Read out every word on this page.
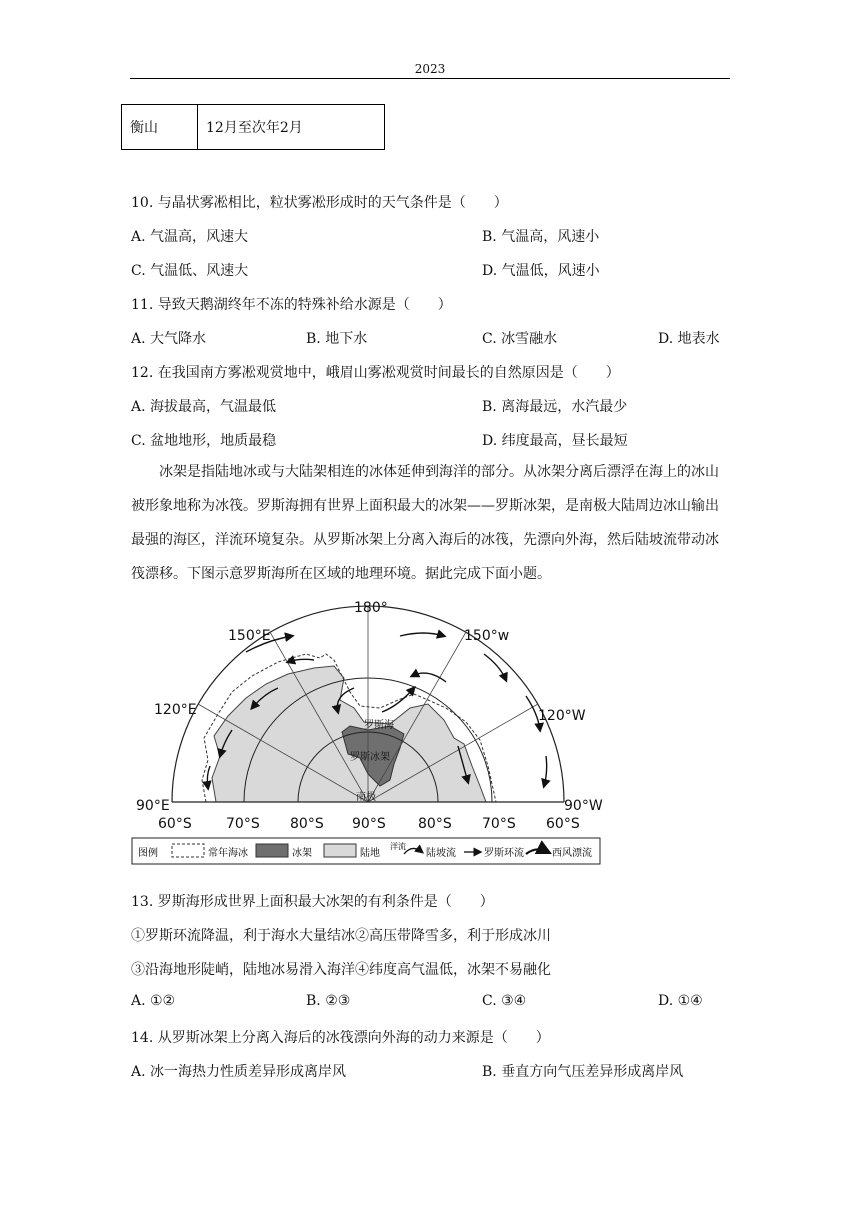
2023
衡山	12月至次年2月
10. 与晶状雾凇相比，粒状雾凇形成时的天气条件是（　　）
A. 气温高，风速大	B. 气温高，风速小
C. 气温低、风速大	D. 气温低，风速小
11. 导致天鹅湖终年不冻的特殊补给水源是（　　）
A. 大气降水	B. 地下水	C. 冰雪融水	D. 地表水
12. 在我国南方雾凇观赏地中，峨眉山雾凇观赏时间最长的自然原因是（　　）
A. 海拔最高，气温最低	B. 离海最远，水汽最少
C. 盆地地形，地质最稳	D. 纬度最高，昼长最短
冰架是指陆地冰或与大陆架相连的冰体延伸到海洋的部分。从冰架分离后漂浮在海上的冰山被形象地称为冰筏。罗斯海拥有世界上面积最大的冰架——罗斯冰架，是南极大陆周边冰山输出最强的海区，洋流环境复杂。从罗斯冰架上分离入海后的冰筏，先漂向外海，然后陆坡流带动冰筏漂移。下图示意罗斯海所在区域的地理环境。据此完成下面小题。
180°
150°E	150°w
120°E	120°W
90°E	90°W
60°S 70°S 80°S 90°S 80°S 70°S 60°S
罗斯海
罗斯冰架
南极
图例	常年海冰	冰架	陆地
洋流
陆坡流	罗斯环流	西风漂流
13. 罗斯海形成世界上面积最大冰架的有利条件是（　　）
①罗斯环流降温，利于海水大量结冰②高压带降雪多，利于形成冰川
③沿海地形陡峭，陆地冰易滑入海洋④纬度高气温低，冰架不易融化
A. ①②	B. ②③	C. ③④	D. ①④
14. 从罗斯冰架上分离入海后的冰筏漂向外海的动力来源是（　　）
A. 冰一海热力性质差异形成离岸风	B. 垂直方向气压差异形成离岸风
